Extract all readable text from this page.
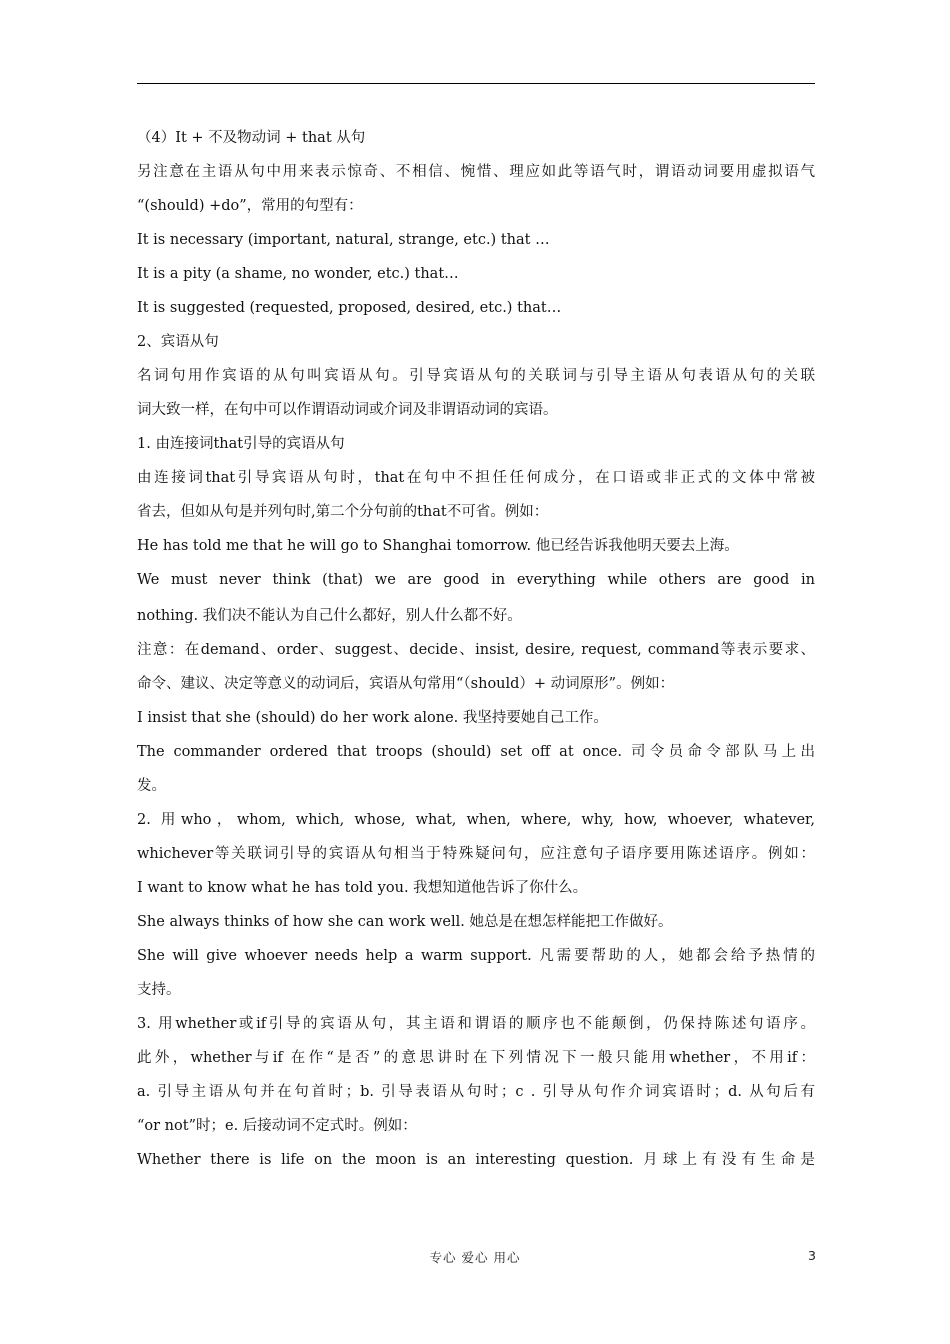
（4）It + 不及物动词 + that 从句
另注意在主语从句中用来表示惊奇、不相信、惋惜、理应如此等语气时，谓语动词要用虚拟语气
“(should) +do”，常用的句型有：
It is necessary (important, natural, strange, etc.) that …
It is a pity (a shame, no wonder, etc.) that…
It is suggested (requested, proposed, desired, etc.) that…
2、宾语从句
名词句用作宾语的从句叫宾语从句。引导宾语从句的关联词与引导主语从句表语从句的关联
词大致一样，在句中可以作谓语动词或介词及非谓语动词的宾语。
1. 由连接词that引导的宾语从句
由连接词that引导宾语从句时，that在句中不担任任何成分，在口语或非正式的文体中常被
省去，但如从句是并列句时,第二个分句前的that不可省。例如：
He has told me that he will go to Shanghai tomorrow. 他已经告诉我他明天要去上海。
We must never think (that) we are good in everything while others are good in
nothing. 我们决不能认为自己什么都好，别人什么都不好。
注意：在demand、order、suggest、decide、insist, desire, request, command等表示要求、
命令、建议、决定等意义的动词后，宾语从句常用“（should）+ 动词原形”。例如：
I insist that she (should) do her work alone. 我坚持要她自己工作。
The commander ordered that troops (should) set off at once. 司令员命令部队马上出
发。
2. 用who，whom, which, whose, what, when, where, why, how, whoever, whatever,
whichever等关联词引导的宾语从句相当于特殊疑问句，应注意句子语序要用陈述语序。例如：
I want to know what he has told you. 我想知道他告诉了你什么。
She always thinks of how she can work well. 她总是在想怎样能把工作做好。
She will give whoever needs help a warm support. 凡需要帮助的人，她都会给予热情的
支持。
3. 用whether或if引导的宾语从句，其主语和谓语的顺序也不能颠倒，仍保持陈述句语序。
此外，whether与if 在作“是否”的意思讲时在下列情况下一般只能用whether，不用if：
a. 引导主语从句并在句首时；b. 引导表语从句时；c . 引导从句作介词宾语时；d. 从句后有
“or not”时；e. 后接动词不定式时。例如：
Whether there is life on the moon is an interesting question. 月球上有没有生命是
专心 爱心 用心	3
